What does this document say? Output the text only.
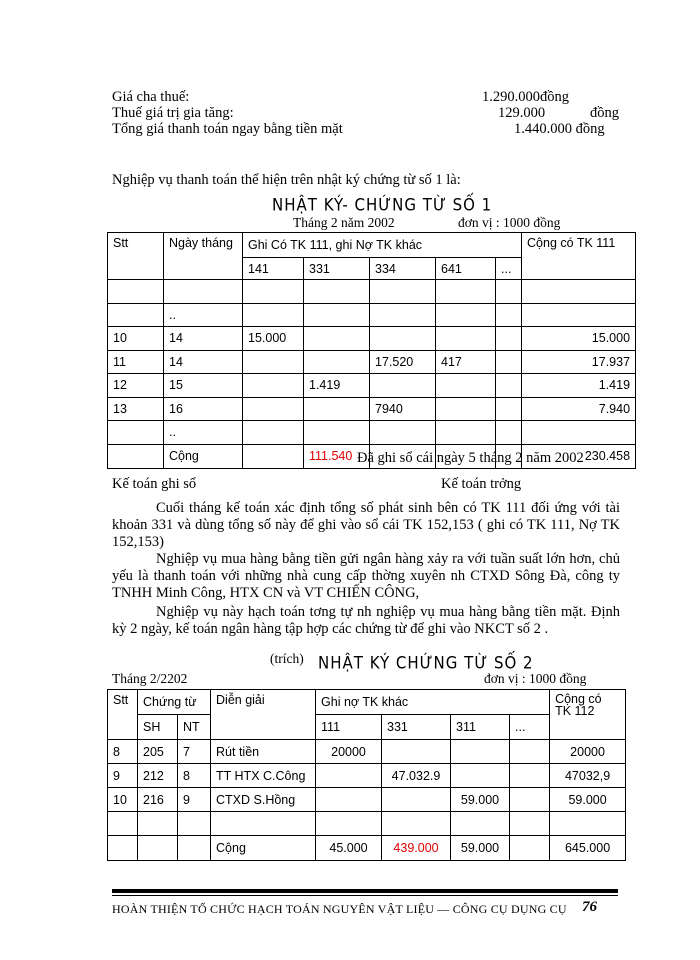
Giá cha thuế:	1.290.000đồng
Thuế giá trị gia tăng:	129.000	đồng
Tổng giá thanh toán ngay bằng tiền mặt	1.440.000 đồng
Nghiệp vụ thanh toán thể hiện trên nhật ký chứng từ số 1 là:
NHẬT KÝ- CHỨNG TỪ SỐ 1
Tháng 2 năm 2002	đơn vị : 1000 đồng
Stt	Ngày tháng	Ghi Có TK 111, ghi Nợ TK khác					Cộng có TK 111
		141	331	334	641	...	

	..						
10	14	15.000					15.000
11	14			17.520	417		17.937
12	15		1.419				1.419
13	16			7940			7.940
	..						
	Cộng		111.540				230.458
Đã ghi sổ cái ngày 5 tháng 2 năm 2002
Kế toán ghi sổ	Kế toán trởng
Cuối tháng kế toán xác định tổng số phát sinh bên có TK 111 đối ứng với tài khoản 331 và dùng tổng số này để ghi vào sổ cái TK 152,153 ( ghi có TK 111, Nợ TK 152,153)
Nghiệp vụ mua hàng bằng tiền gửi ngân hàng xảy ra với tuần suất lớn hơn, chủ yếu là thanh toán với những nhà cung cấp thờng xuyên nh CTXD Sông Đà, công ty TNHH Minh Công, HTX CN và VT CHIẾN CÔNG,
Nghiệp vụ này hạch toán tơng tự nh nghiệp vụ mua hàng bằng tiền mặt. Định kỳ 2 ngày, kế toán ngân hàng tập hợp các chứng từ để ghi vào NKCT số 2 .
(trích) NHẬT KÝ CHỨNG TỪ SỐ 2
Tháng 2/2202	đơn vị : 1000 đồng
Stt	Chứng từ		Diễn giải	Ghi nợ TK khác				Cộng có TK 112
	SH	NT		111	331	311	...	
8	205	7	Rút tiền	20000				20000
9	212	8	TT HTX C.Công		47.032.9			47032,9
10	216	9	CTXD S.Hồng			59.000		59.000

			Cộng	45.000	439.000	59.000		645.000
HOÀN THIỆN TỔ CHỨC HẠCH TOÁN NGUYÊN VẬT LIỆU — CÔNG CỤ DỤNG CỤ 76
